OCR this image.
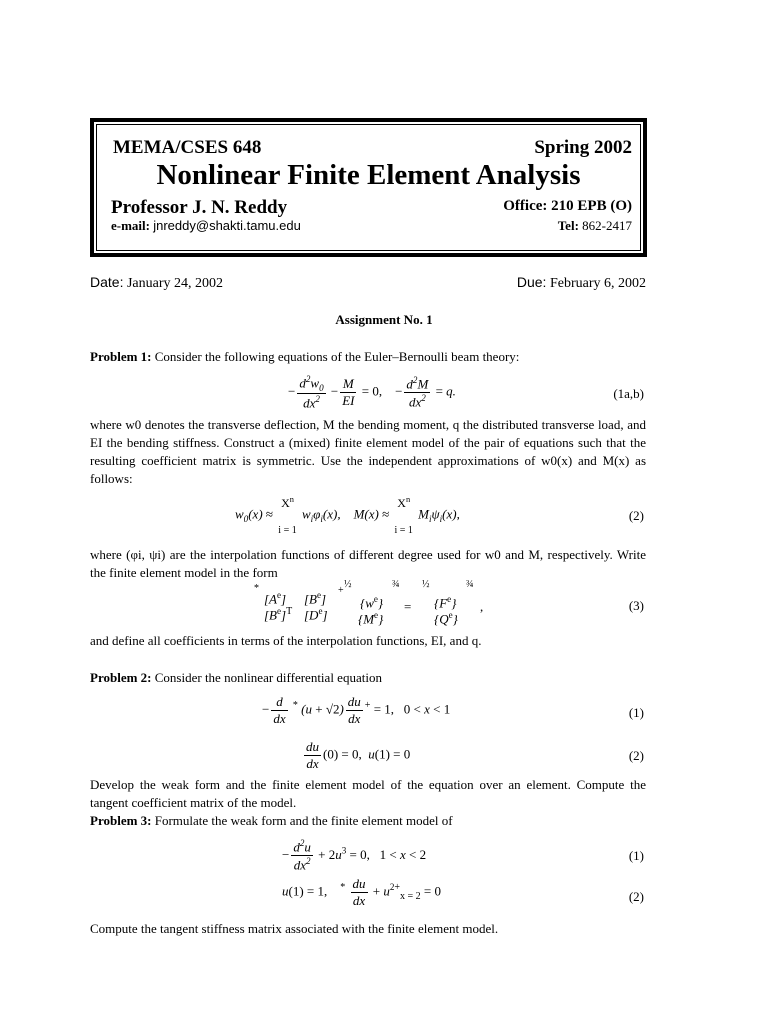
MEMA/CSES 648	Spring 2002
Nonlinear Finite Element Analysis
Professor J. N. Reddy	Office: 210 EPB (O)
e-mail: jnreddy@shakti.tamu.edu	Tel: 862-2417
Date: January 24, 2002	Due: February 6, 2002
Assignment No. 1
Problem 1: Consider the following equations of the Euler–Bernoulli beam theory:
− $\frac{d^2w_0}{dx^2} - \frac{M}{EI} = 0$, − $\frac{d^2M}{dx^2} = q$.	(1a,b)
where w0 denotes the transverse deflection, M the bending moment, q the distributed transverse load, and EI the bending stiffness. Construct a (mixed) finite element model of the pair of equations such that the resulting coefficient matrix is symmetric. Use the independent approximations of w0(x) and M(x) as follows:
$w_0(x)$ ≈
$X^n$

i = 1
$w_i\varphi_i(x)$,    M(x) ≈
$X^n$

i = 1
$M_i\psi_i(x)$,	(2)
where (φi, ψi) are the interpolation functions of different degree used for w0 and M, respectively. Write the finite element model in the form
*
$[A^e]$ $[B^e]$
+
$[B^e]^T$ [De]
½
$\{w^e\}$
{Me}
¾
=
½
$\{F^e\}$
$\{Q^e\}$
¾
,	(3)
and define all coefficients in terms of the interpolation functions, EI, and q.
Problem 2: Consider the nonlinear differential equation
− $\frac{d}{dx} ^*$ $(u + √2) \frac{du}{dx} ^+ = 1$,   0 < x < 1	(1)
$\frac{du}{dx} (0) = 0$,  u(1) = 0	(2)
Develop the weak form and the finite element model of the equation over an element. Compute the tangent coefficient matrix of the model.
Problem 3: Formulate the weak form and the finite element model of
− $\frac{d^2u}{dx^2} + 2u^3 = 0$,   1 < x < 2	(1)
u(1) = 1, $^* \frac{du}{dx} + u^{2+}_{x = 2} = 0$	(2)
Compute the tangent stiffness matrix associated with the finite element model.
